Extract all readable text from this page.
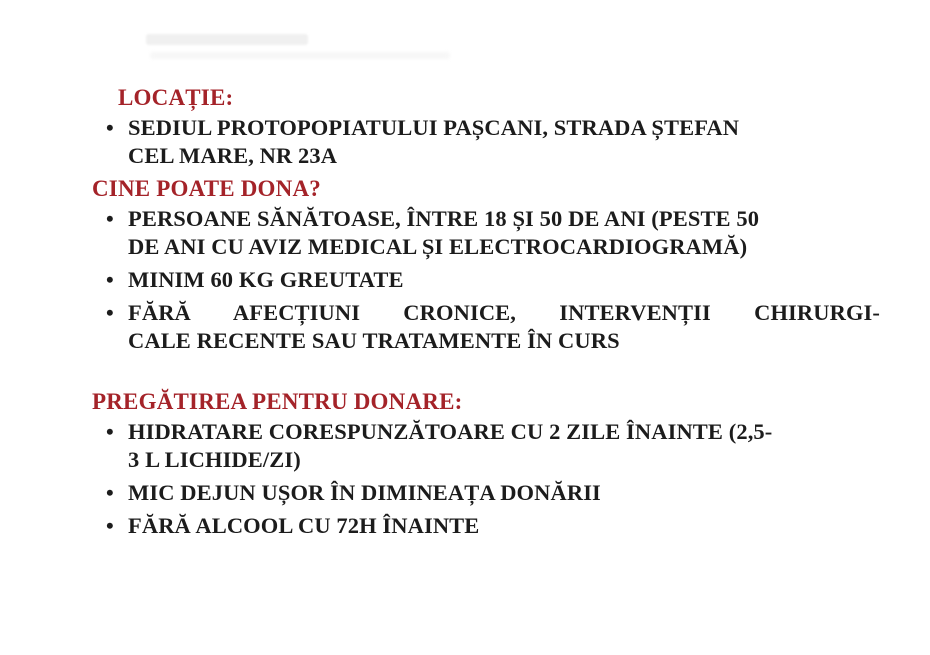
LOCAȚIE:
• SEDIUL PROTOPOPIATULUI PAȘCANI, STRADA ȘTEFAN
CEL MARE, NR 23A
CINE POATE DONA?
• PERSOANE SĂNĂTOASE, ÎNTRE 18 ȘI 50 DE ANI (PESTE 50
DE ANI CU AVIZ MEDICAL ȘI ELECTROCARDIOGRAMĂ)
• MINIM 60 KG GREUTATE
• FĂRĂ AFECȚIUNI CRONICE, INTERVENȚII CHIRURGI-
CALE RECENTE SAU TRATAMENTE ÎN CURS
PREGĂTIREA PENTRU DONARE:
• HIDRATARE CORESPUNZĂTOARE CU 2 ZILE ÎNAINTE (2,5-
3 L LICHIDE/ZI)
• MIC DEJUN UȘOR ÎN DIMINEAȚA DONĂRII
• FĂRĂ ALCOOL CU 72H ÎNAINTE
